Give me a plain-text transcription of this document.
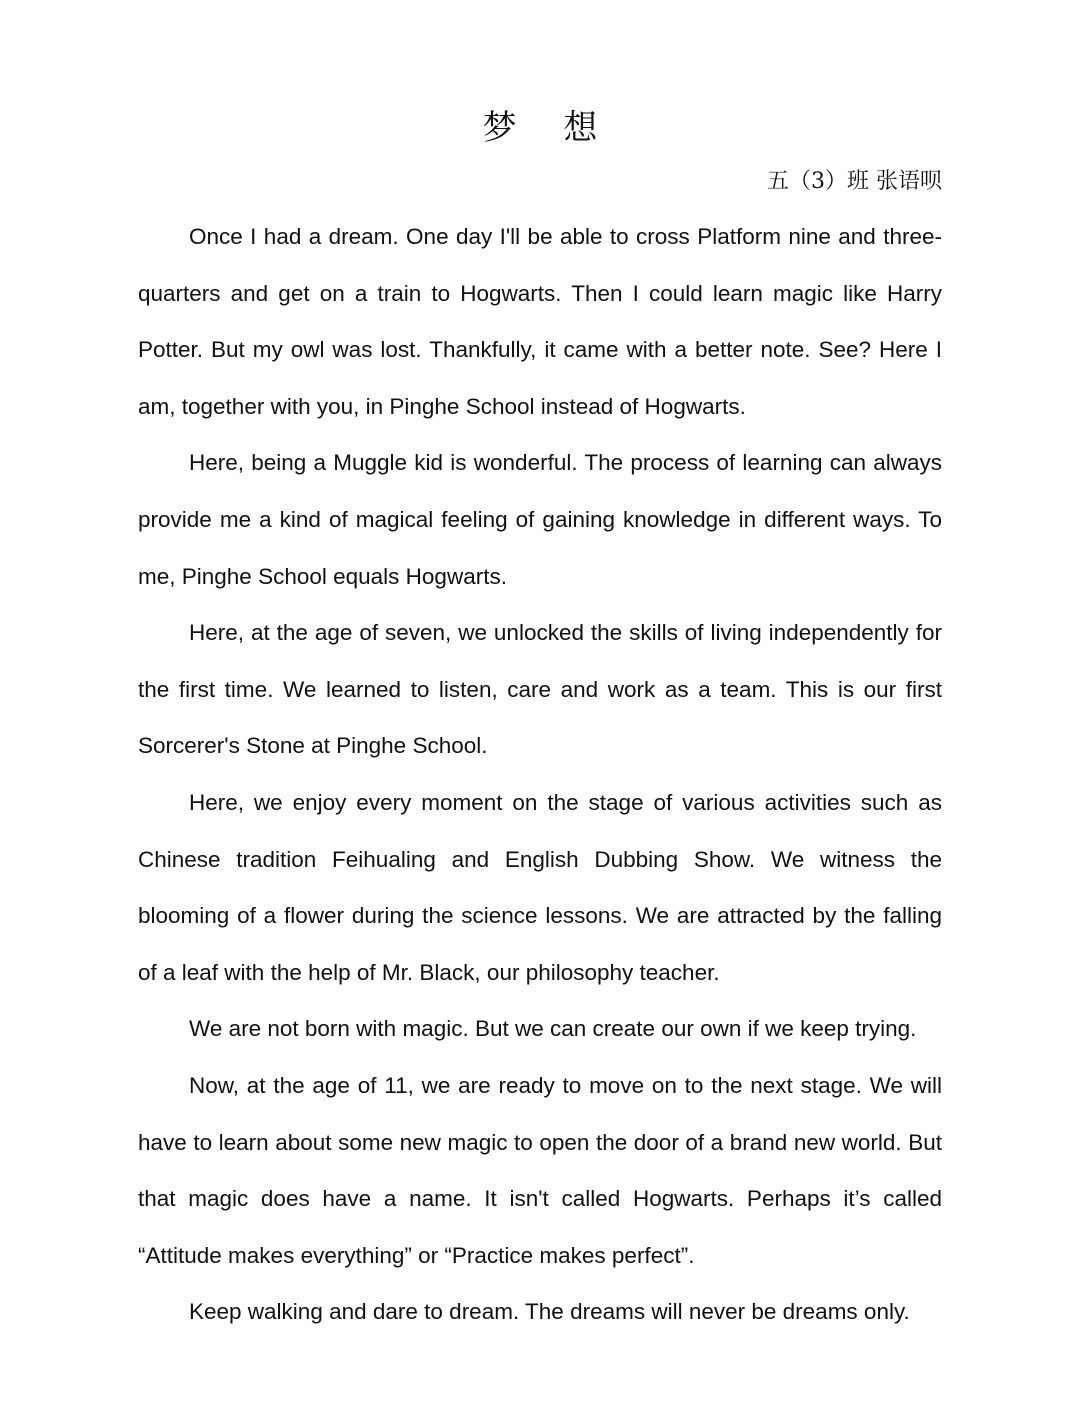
梦 想
五（3）班 张语呗

Once I had a dream. One day I'll be able to cross Platform nine and three-quarters and get on a train to Hogwarts. Then I could learn magic like Harry Potter. But my owl was lost. Thankfully, it came with a better note. See? Here I am, together with you, in Pinghe School instead of Hogwarts.

Here, being a Muggle kid is wonderful. The process of learning can always provide me a kind of magical feeling of gaining knowledge in different ways. To me, Pinghe School equals Hogwarts.

Here, at the age of seven, we unlocked the skills of living independently for the first time. We learned to listen, care and work as a team. This is our first Sorcerer's Stone at Pinghe School.

Here, we enjoy every moment on the stage of various activities such as Chinese tradition Feihualing and English Dubbing Show. We witness the blooming of a flower during the science lessons. We are attracted by the falling of a leaf with the help of Mr. Black, our philosophy teacher.

We are not born with magic. But we can create our own if we keep trying.

Now, at the age of 11, we are ready to move on to the next stage. We will have to learn about some new magic to open the door of a brand new world. But that magic does have a name. It isn't called Hogwarts. Perhaps it’s called “Attitude makes everything” or “Practice makes perfect”.

Keep walking and dare to dream. The dreams will never be dreams only.
